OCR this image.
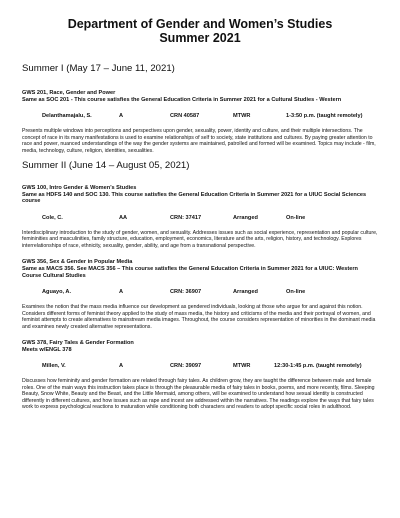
Department of Gender and Women’s Studies
Summer 2021
Summer I (May 17 – June 11, 2021)
GWS 201, Race, Gender and Power
Same as SOC 201 - This course satisfies the General Education Criteria in Summer 2021 for a Cultural Studies - Western
Delanthamajalu, S.	A	CRN 40587	MTWR	1-3:50 p.m. (taught remotely)
Presents multiple windows into perceptions and perspectives upon gender, sexuality, power, identity and culture, and their multiple intersections. The concept of race in its many manifestations is used to examine relationships of self to society, state institutions and cultures. By paying greater attention to race and power, nuanced understandings of the way the gender systems are maintained, patrolled and formed will be examined. Topics may include - film, media, technology, culture, religion, identities, sexualities.
Summer II (June 14 – August 05, 2021)
GWS 100, Intro Gender & Women’s Studies
Same as HDFS 140 and SOC 130. This course satisfies the General Education Criteria in Summer 2021 for a UIUC Social Sciences course
Cole, C.	AA	CRN: 37417	Arranged	On-line
Interdisciplinary introduction to the study of gender, women, and sexuality. Addresses issues such as social experience, representation and popular culture, femininities and masculinities, family structure, education, employment, economics, literature and the arts, religion, history, and technology. Explores interrelationships of race, ethnicity, sexuality, gender, ability, and age from a transnational perspective.
GWS 356, Sex & Gender in Popular Media
Same as MACS 356. See MACS 356 – This course satisfies the General Education Criteria in Summer 2021 for a UIUC: Western Course Cultural Studies
Aguayo, A.	A	CRN: 36907	Arranged	On-line
Examines the notion that the mass media influence our development as gendered individuals, looking at those who argue for and against this notion. Considers different forms of feminist theory applied to the study of mass media, the history and criticisms of the media and their portrayal of women, and feminist attempts to create alternatives to mainstream media images. Throughout, the course considers representation of minorities in the dominant media and examines newly created alternative representations.
GWS 378, Fairy Tales & Gender Formation
Meets w/ENGL 378
Millen, V.	A	CRN: 39097	MTWR	12:30-1:45 p.m. (taught remotely)
Discusses how femininity and gender formation are related through fairy tales. As children grow, they are taught the difference between male and female roles. One of the main ways this instruction takes place is through the pleasurable media of fairy tales in books, poems, and more recently, films. Sleeping Beauty, Snow White, Beauty and the Beast, and the Little Mermaid, among others, will be examined to understand how sexual identity is constructed differently in different cultures, and how issues such as rape and incest are addressed within the narratives. The readings explore the ways that fairy tales work to express psychological reactions to maturation while conditioning both characters and readers to adopt specific social roles in adulthood.
